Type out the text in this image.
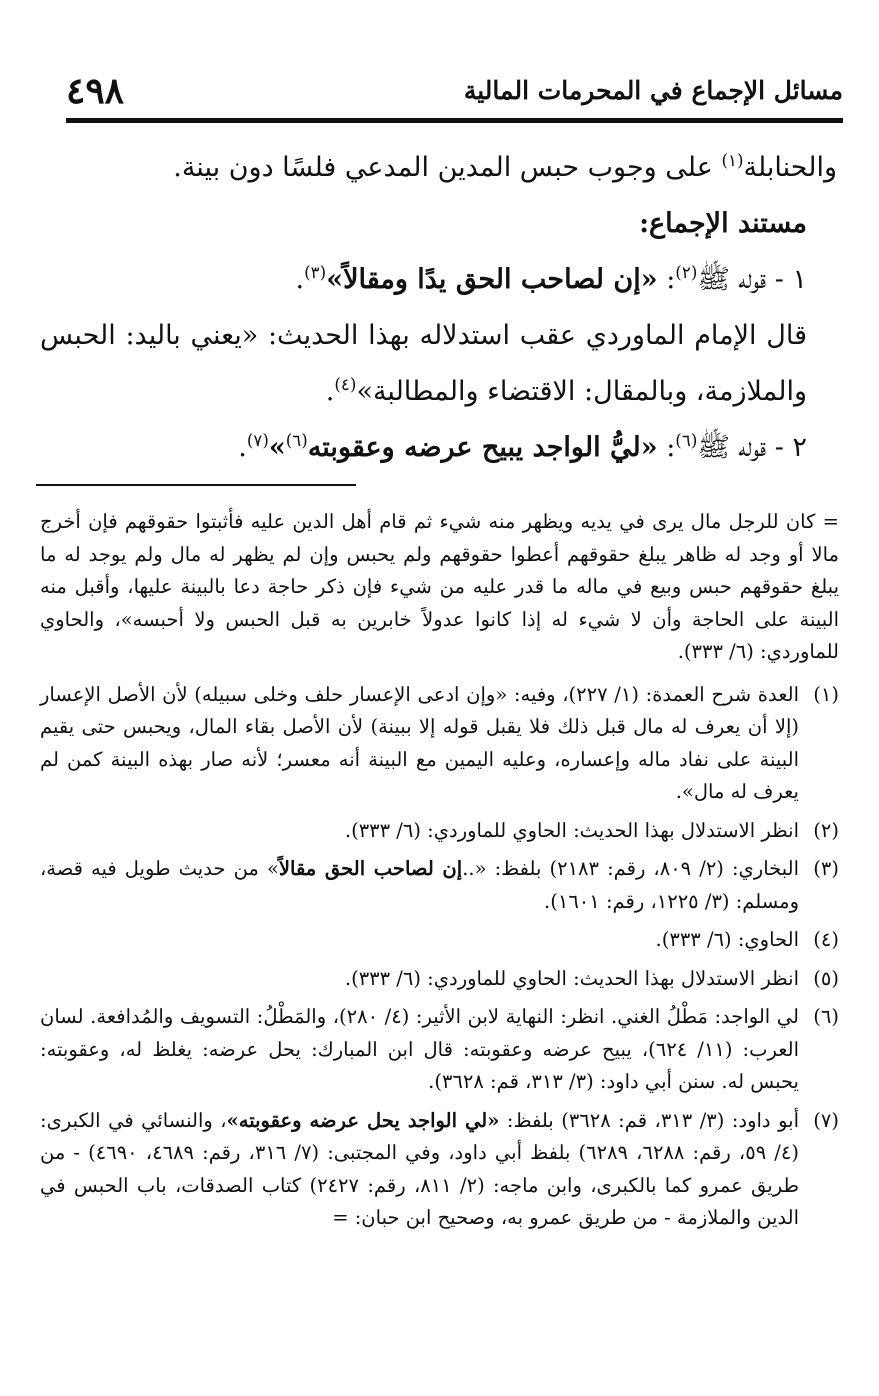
مسائل الإجماع في المحرمات المالية
٤٩٨

والحنابلة$^{(١)}$ على وجوب حبس المدين المدعي فلسًا دون بينة.

مستند الإجماع:

١ - قوله ﷺ$^{(٢)}$: «إن لصاحب الحق يدًا ومقالاً»$^{(٣)}$.

قال الإمام الماوردي عقب استدلاله بهذا الحديث: «يعني باليد: الحبس والملازمة، وبالمقال: الاقتضاء والمطالبة»$^{(٤)}$.

٢ - قوله ﷺ$^{(٦)}$: «ليُّ الواجد يبيح عرضه وعقوبته$^{(٦)}$»$^{(٧)}$.

= كان للرجل مال يرى في يديه ويظهر منه شيء ثم قام أهل الدين عليه فأثبتوا حقوقهم فإن أخرج مالا أو وجد له ظاهر يبلغ حقوقهم أعطوا حقوقهم ولم يحبس وإن لم يظهر له مال ولم يوجد له ما يبلغ حقوقهم حبس وبيع في ماله ما قدر عليه من شيء فإن ذكر حاجة دعا بالبينة عليها، وأقبل منه البينة على الحاجة وأن لا شيء له إذا كانوا عدولاً خابرين به قبل الحبس ولا أحبسه»، والحاوي للماوردي: (٦/ ٣٣٣).

(١)
العدة شرح العمدة: (١/ ٢٢٧)، وفيه: «وإن ادعى الإعسار حلف وخلى سبيله) لأن الأصل الإعسار (إلا أن يعرف له مال قبل ذلك فلا يقبل قوله إلا ببينة) لأن الأصل بقاء المال، ويحبس حتى يقيم البينة على نفاد ماله وإعساره، وعليه اليمين مع البينة أنه معسر؛ لأنه صار بهذه البينة كمن لم يعرف له مال».
(٢)
انظر الاستدلال بهذا الحديث: الحاوي للماوردي: (٦/ ٣٣٣).
(٣)
البخاري: (٢/ ٨٠٩، رقم: ٢١٨٣) بلفظ: «..إن لصاحب الحق مقالاً» من حديث طويل فيه قصة، ومسلم: (٣/ ١٢٢٥، رقم: ١٦٠١).
(٤)
الحاوي: (٦/ ٣٣٣).
(٥)
انظر الاستدلال بهذا الحديث: الحاوي للماوردي: (٦/ ٣٣٣).
(٦)
لي الواجد: مَطْلُ الغني. انظر: النهاية لابن الأثير: (٤/ ٢٨٠)، والمَطْلُ: التسويف والمُدافعة. لسان العرب: (١١/ ٦٢٤)، يبيح عرضه وعقوبته: قال ابن المبارك: يحل عرضه: يغلظ له، وعقوبته: يحبس له. سنن أبي داود: (٣/ ٣١٣، قم: ٣٦٢٨).
(٧)
أبو داود: (٣/ ٣١٣، قم: ٣٦٢٨) بلفظ: «لي الواجد يحل عرضه وعقوبته»، والنسائي في الكبرى: (٤/ ٥٩، رقم: ٦٢٨٨، ٦٢٨٩) بلفظ أبي داود، وفي المجتبى: (٧/ ٣١٦، رقم: ٤٦٨٩، ٤٦٩٠) - من طريق عمرو كما بالكبرى، وابن ماجه: (٢/ ٨١١، رقم: ٢٤٢٧) كتاب الصدقات، باب الحبس في الدين والملازمة - من طريق عمرو به، وصحيح ابن حبان: =
